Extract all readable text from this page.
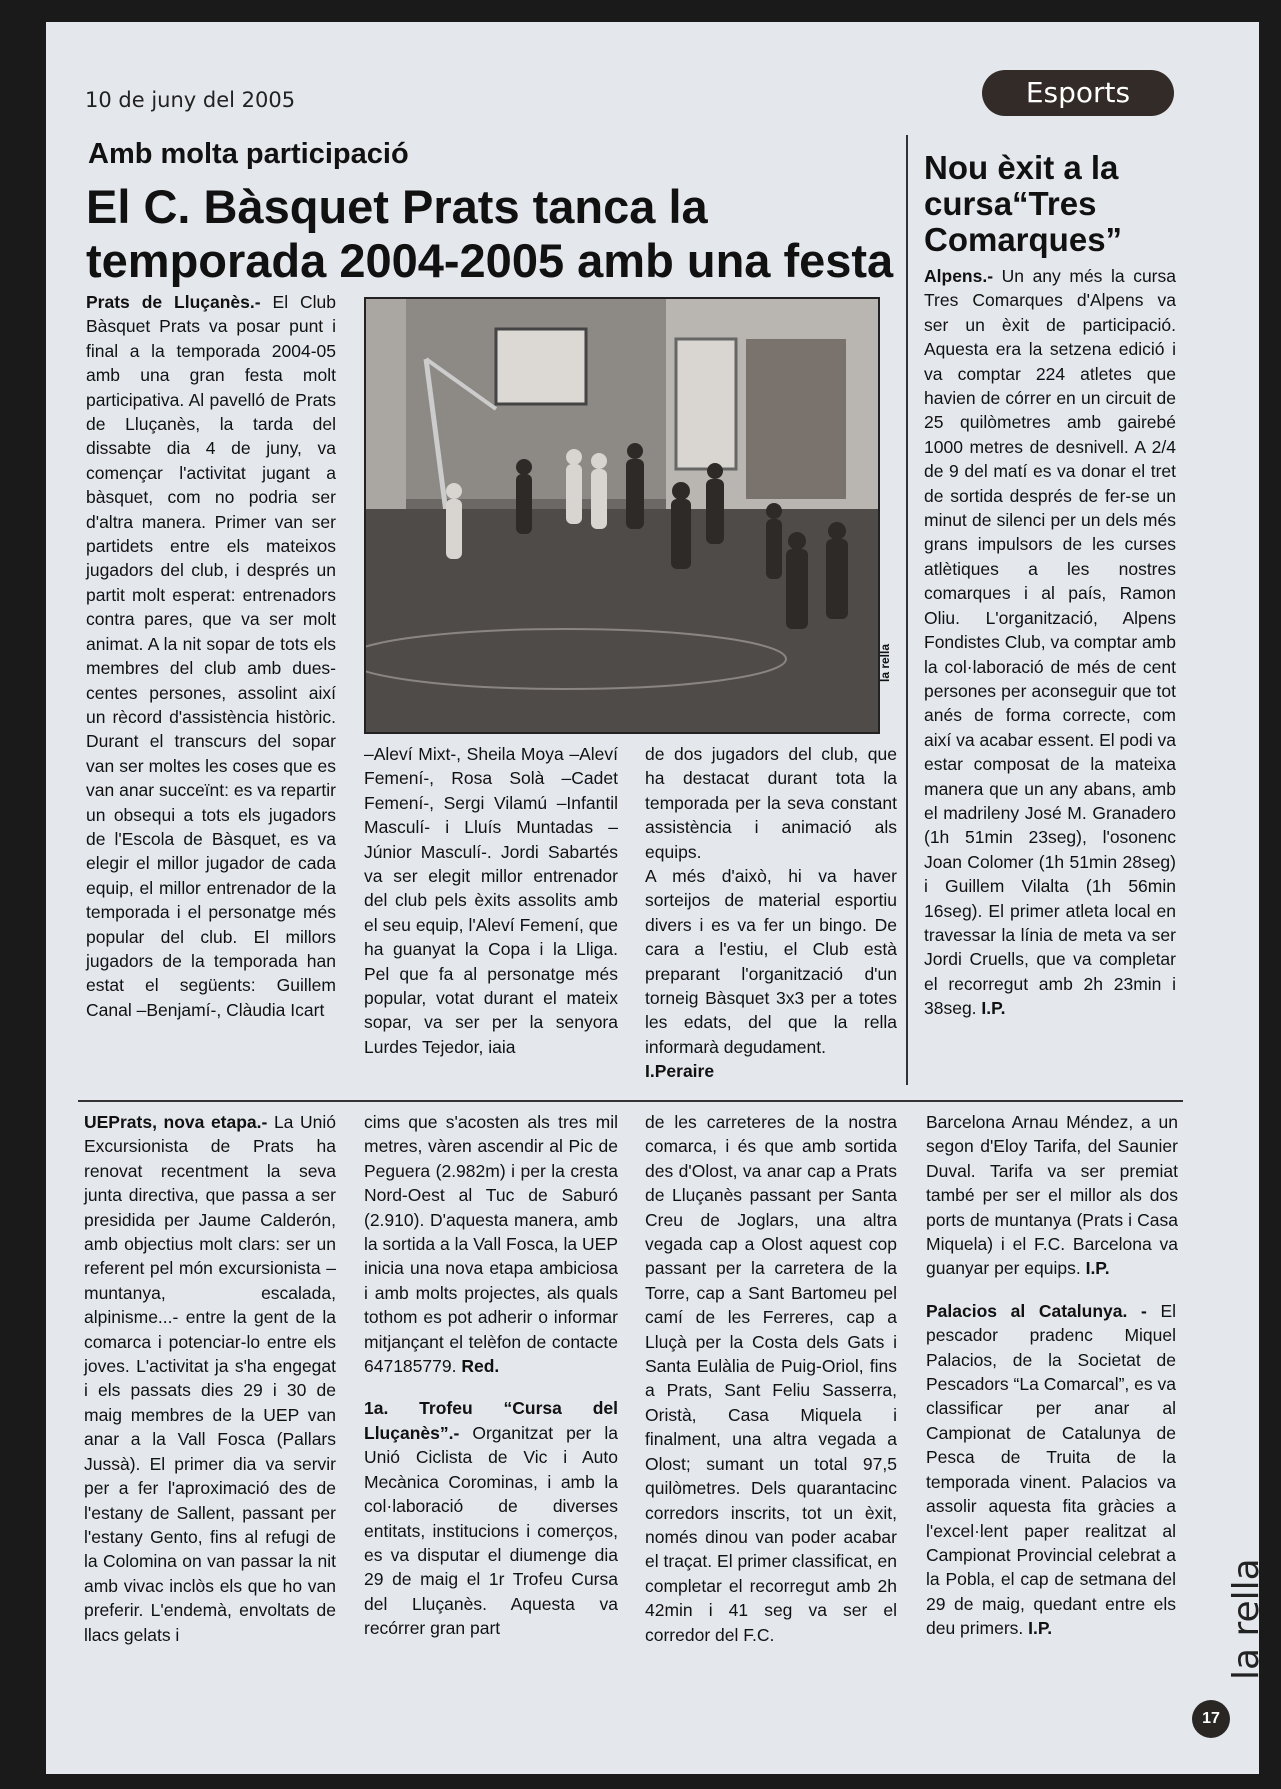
10 de juny del 2005	Esports
Amb molta participació
El C. Bàsquet Prats tanca la temporada 2004-2005 amb una festa

Prats de Lluçanès.- El Club Bàsquet Prats va posar punt i final a la temporada 2004-05 amb una gran festa molt participativa. Al pavelló de Prats de Lluçanès, la tarda del dissabte dia 4 de juny, va començar l'activitat jugant a bàsquet, com no podria ser d'altra manera. Primer van ser partidets entre els mateixos jugadors del club, i després un partit molt esperat: entrenadors contra pares, que va ser molt animat. A la nit sopar de tots els membres del club amb dues-centes persones, assolint així un rècord d'assistència històric. Durant el transcurs del sopar van ser moltes les coses que es van anar succeïnt: es va repartir un obsequi a tots els jugadors de l'Escola de Bàsquet, es va elegir el millor jugador de cada equip, el millor entrenador de la temporada i el personatge més popular del club. El millors jugadors de la temporada han estat el següents: Guillem Canal –Benjamí-, Clàudia Icart

la rella

–Aleví Mixt-, Sheila Moya –Aleví Femení-, Rosa Solà –Cadet Femení-, Sergi Vilamú –Infantil Masculí- i Lluís Muntadas –Júnior Masculí-. Jordi Sabartés va ser elegit millor entrenador del club pels èxits assolits amb el seu equip, l'Aleví Femení, que ha guanyat la Copa i la Lliga. Pel que fa al personatge més popular, votat durant el mateix sopar, va ser per la senyora Lurdes Tejedor, iaia

de dos jugadors del club, que ha destacat durant tota la temporada per la seva constant assistència i animació als equips.

A més d'això, hi va haver sorteijos de material esportiu divers i es va fer un bingo. De cara a l'estiu, el Club està preparant l'organització d'un torneig Bàsquet 3x3 per a totes les edats, del que la rella informarà degudament.

I.Peraire

Nou èxit a la cursa“Tres Comarques”

Alpens.- Un any més la cursa Tres Comarques d'Alpens va ser un èxit de participació. Aquesta era la setzena edició i va comptar 224 atletes que havien de córrer en un circuit de 25 quilòmetres amb gairebé 1000 metres de desnivell. A 2/4 de 9 del matí es va donar el tret de sortida després de fer-se un minut de silenci per un dels més grans impulsors de les curses atlètiques a les nostres comarques i al país, Ramon Oliu. L'organització, Alpens Fondistes Club, va comptar amb la col·laboració de més de cent persones per aconseguir que tot anés de forma correcte, com així va acabar essent. El podi va estar composat de la mateixa manera que un any abans, amb el madrileny José M. Granadero (1h 51min 23seg), l'osonenc Joan Colomer (1h 51min 28seg) i Guillem Vilalta (1h 56min 16seg). El primer atleta local en travessar la línia de meta va ser Jordi Cruells, que va completar el recorregut amb 2h 23min i 38seg. I.P.

UEPrats, nova etapa.- La Unió Excursionista de Prats ha renovat recentment la seva junta directiva, que passa a ser presidida per Jaume Calderón, amb objectius molt clars: ser un referent pel món excursionista –muntanya, escalada, alpinisme...- entre la gent de la comarca i potenciar-lo entre els joves. L'activitat ja s'ha engegat i els passats dies 29 i 30 de maig membres de la UEP van anar a la Vall Fosca (Pallars Jussà). El primer dia va servir per a fer l'aproximació des de l'estany de Sallent, passant per l'estany Gento, fins al refugi de la Colomina on van passar la nit amb vivac inclòs els que ho van preferir. L'endemà, envoltats de llacs gelats i

cims que s'acosten als tres mil metres, vàren ascendir al Pic de Peguera (2.982m) i per la cresta Nord-Oest al Tuc de Saburó (2.910). D'aquesta manera, amb la sortida a la Vall Fosca, la UEP inicia una nova etapa ambiciosa i amb molts projectes, als quals tothom es pot adherir o informar mitjançant el telèfon de contacte 647185779. Red.

1a. Trofeu “Cursa del Lluçanès”.- Organitzat per la Unió Ciclista de Vic i Auto Mecànica Corominas, i amb la col·laboració de diverses entitats, institucions i comerços, es va disputar el diumenge dia 29 de maig el 1r Trofeu Cursa del Lluçanès. Aquesta va recórrer gran part

de les carreteres de la nostra comarca, i és que amb sortida des d'Olost, va anar cap a Prats de Lluçanès passant per Santa Creu de Joglars, una altra vegada cap a Olost aquest cop passant per la carretera de la Torre, cap a Sant Bartomeu pel camí de les Ferreres, cap a Lluçà per la Costa dels Gats i Santa Eulàlia de Puig-Oriol, fins a Prats, Sant Feliu Sasserra, Oristà, Casa Miquela i finalment, una altra vegada a Olost; sumant un total 97,5 quilòmetres. Dels quarantacinc corredors inscrits, tot un èxit, només dinou van poder acabar el traçat. El primer classificat, en completar el recorregut amb 2h 42min i 41 seg va ser el corredor del F.C.

Barcelona Arnau Méndez, a un segon d'Eloy Tarifa, del Saunier Duval. Tarifa va ser premiat també per ser el millor als dos ports de muntanya (Prats i Casa Miquela) i el F.C. Barcelona va guanyar per equips. I.P.

Palacios al Catalunya. - El pescador pradenc Miquel Palacios, de la Societat de Pescadors “La Comarcal”, es va classificar per anar al Campionat de Catalunya de Pesca de Truita de la temporada vinent. Palacios va assolir aquesta fita gràcies a l'excel·lent paper realitzat al Campionat Provincial celebrat a la Pobla, el cap de setmana del 29 de maig, quedant entre els deu primers. I.P.	la rella
17
